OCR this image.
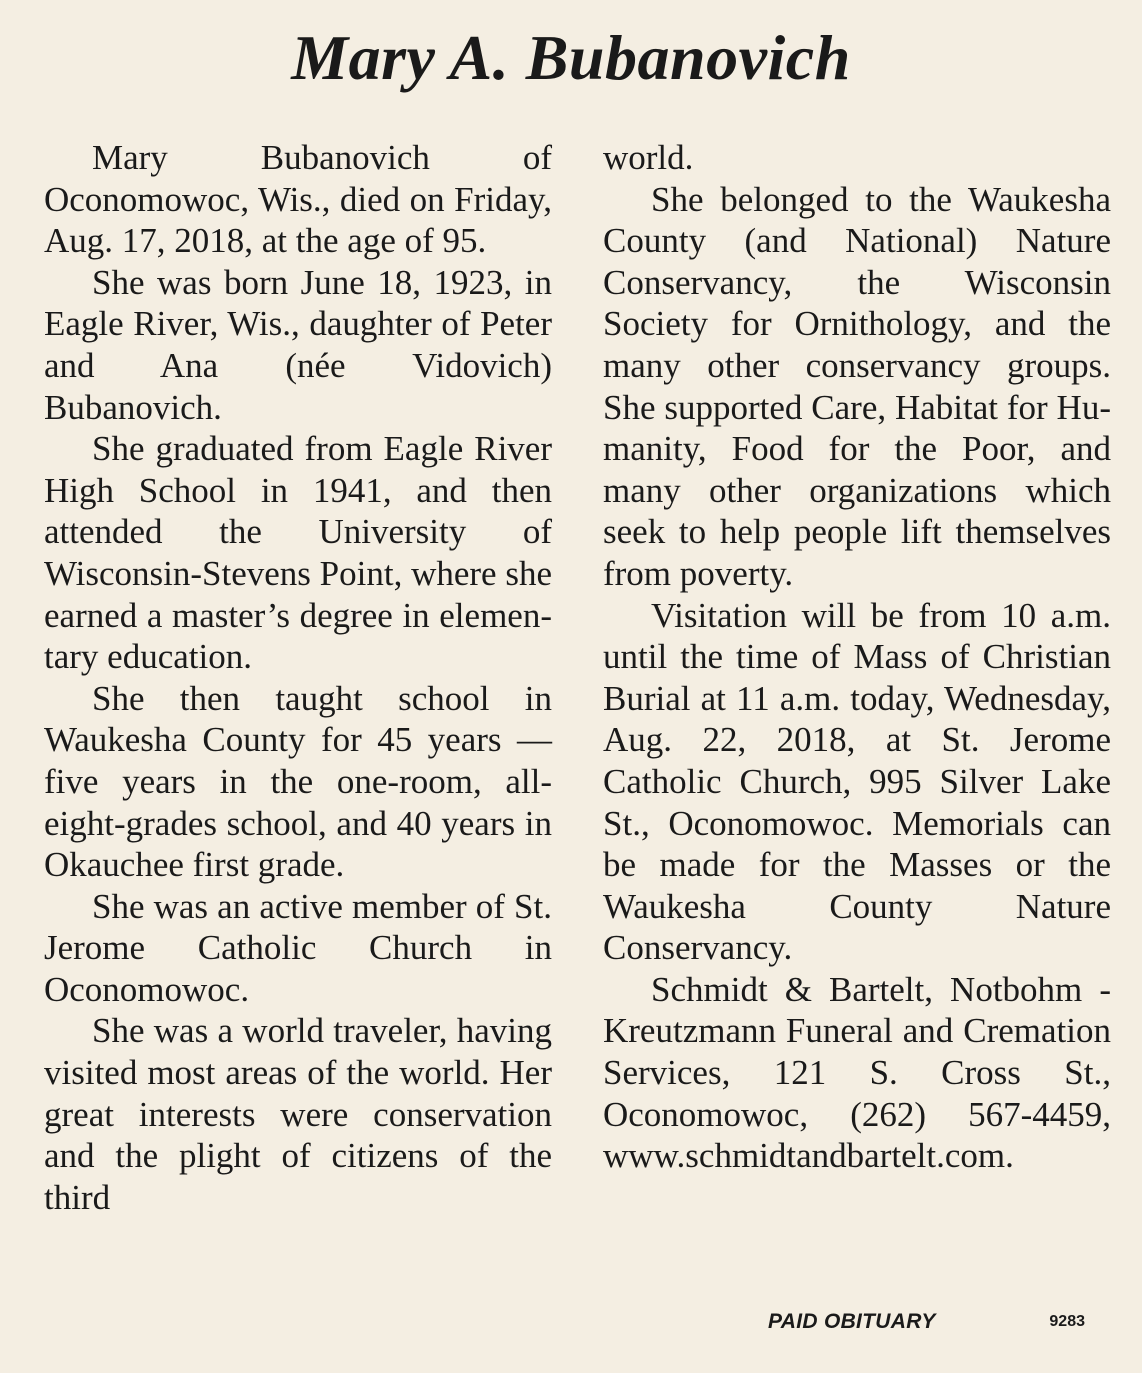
Mary A. Bubanovich

Mary Bubanovich of Oconomowoc, Wis., died on Friday, Aug. 17, 2018, at the age of 95.

She was born June 18, 1923, in Eagle River, Wis., daughter of Peter and Ana (née Vidovich) Bubanovich.

She graduated from Eagle River High School in 1941, and then attended the University of Wisconsin-Stevens Point, where she earned a master’s degree in elementary education.

She then taught school in Waukesha County for 45 years — five years in the one-room, all-eight-grades school, and 40 years in Okauchee first grade.

She was an active member of St. Jerome Catholic Church in Oconomowoc.

She was a world traveler, having visited most areas of the world. Her great interests were conservation and the plight of citizens of the third

world.

She belonged to the Waukesha County (and National) Nature Conservancy, the Wisconsin Society for Ornithology, and the many other conservancy groups. She supported Care, Habitat for Humanity, Food for the Poor, and many other organizations which seek to help people lift themselves from poverty.

Visitation will be from 10 a.m. until the time of Mass of Christian Burial at 11 a.m. today, Wednesday, Aug. 22, 2018, at St. Jerome Catholic Church, 995 Silver Lake St., Oconomowoc. Memorials can be made for the Masses or the Waukesha County Nature Conservancy.

Schmidt & Bartelt, Notbohm - Kreutzmann Funeral and Cremation Services, 121 S. Cross St., Oconomowoc, (262) 567-4459, www.schmidtandbartelt.com.

PAID OBITUARY	9283
